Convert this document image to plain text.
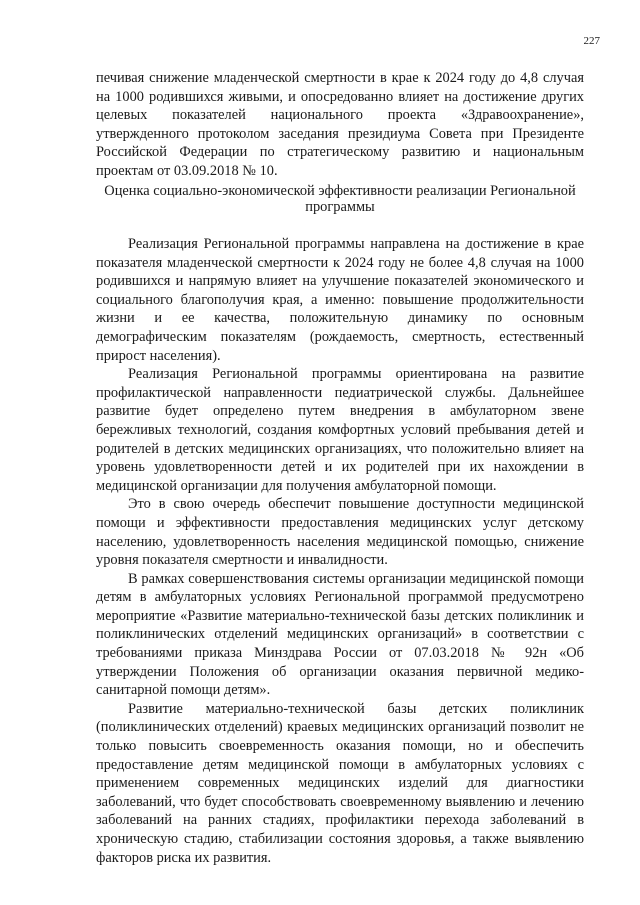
227

печивая снижение младенческой смертности в крае к 2024 году до 4,8 случая на 1000 родившихся живыми, и опосредованно влияет на достижение других целевых показателей национального проекта «Здравоохранение», утвержденного протоколом заседания президиума Совета при Президенте Российской Федерации по стратегическому развитию и национальным проектам от 03.09.2018 № 10.

Оценка социально-экономической эффективности реализации Региональной программы

Реализация Региональной программы направлена на достижение в крае показателя младенческой смертности к 2024 году не более 4,8 случая на 1000 родившихся и напрямую влияет на улучшение показателей экономического и социального благополучия края, а именно: повышение продолжительности жизни и ее качества, положительную динамику по основным демографическим показателям (рождаемость, смертность, естественный прирост населения).

Реализация Региональной программы ориентирована на развитие профилактической направленности педиатрической службы. Дальнейшее развитие будет определено путем внедрения в амбулаторном звене бережливых технологий, создания комфортных условий пребывания детей и родителей в детских медицинских организациях, что положительно влияет на уровень удовлетворенности детей и их родителей при их нахождении в медицинской организации для получения амбулаторной помощи.

Это в свою очередь обеспечит повышение доступности медицинской помощи и эффективности предоставления медицинских услуг детскому населению, удовлетворенность населения медицинской помощью, снижение уровня показателя смертности и инвалидности.

В рамках совершенствования системы организации медицинской помощи детям в амбулаторных условиях Региональной программой предусмотрено мероприятие «Развитие материально-технической базы детских поликлиник и поликлинических отделений медицинских организаций» в соответствии с требованиями приказа Минздрава России от 07.03.2018 № 92н «Об утверждении Положения об организации оказания первичной медико-санитарной помощи детям».

Развитие материально-технической базы детских поликлиник (поликлинических отделений) краевых медицинских организаций позволит не только повысить своевременность оказания помощи, но и обеспечить предоставление детям медицинской помощи в амбулаторных условиях с применением современных медицинских изделий для диагностики заболеваний, что будет способствовать своевременному выявлению и лечению заболеваний на ранних стадиях, профилактики перехода заболеваний в хроническую стадию, стабилизации состояния здоровья, а также выявлению факторов риска их развития.
